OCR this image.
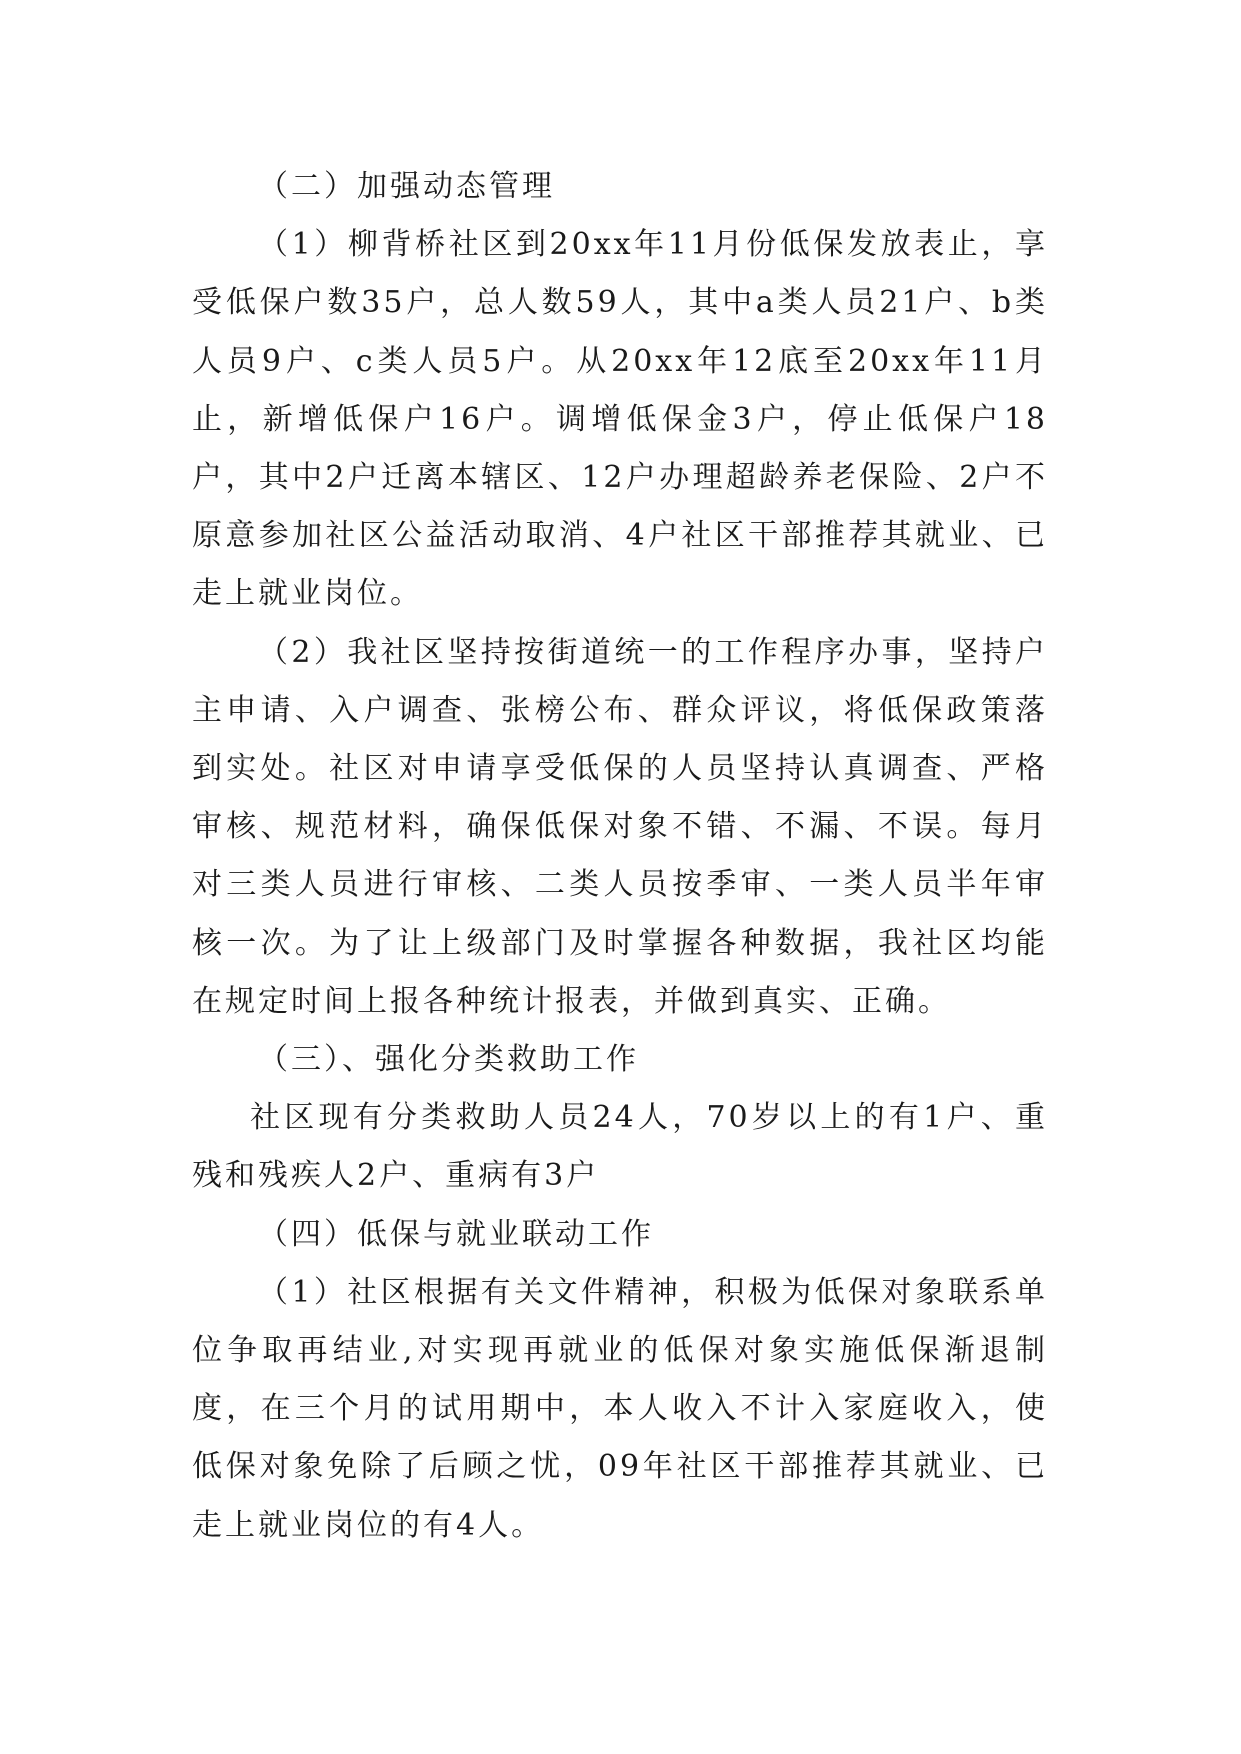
（二）加强动态管理

（1）柳背桥社区到20xx年11月份低保发放表止，享受低保户数35户，总人数59人，其中a类人员21户、b类人员9户、c类人员5户。从20xx年12底至20xx年11月止，新增低保户16户。调增低保金3户，停止低保户18户，其中2户迁离本辖区、12户办理超龄养老保险、2户不原意参加社区公益活动取消、4户社区干部推荐其就业、已走上就业岗位。

（2）我社区坚持按街道统一的工作程序办事，坚持户主申请、入户调查、张榜公布、群众评议，将低保政策落到实处。社区对申请享受低保的人员坚持认真调查、严格审核、规范材料，确保低保对象不错、不漏、不误。每月对三类人员进行审核、二类人员按季审、一类人员半年审核一次。为了让上级部门及时掌握各种数据，我社区均能在规定时间上报各种统计报表，并做到真实、正确。

（三）、强化分类救助工作

社区现有分类救助人员24人，70岁以上的有1户、重残和残疾人2户、重病有3户

（四）低保与就业联动工作

（1）社区根据有关文件精神，积极为低保对象联系单位争取再结业,对实现再就业的低保对象实施低保渐退制度，在三个月的试用期中，本人收入不计入家庭收入，使低保对象免除了后顾之忧，09年社区干部推荐其就业、已走上就业岗位的有4人。
